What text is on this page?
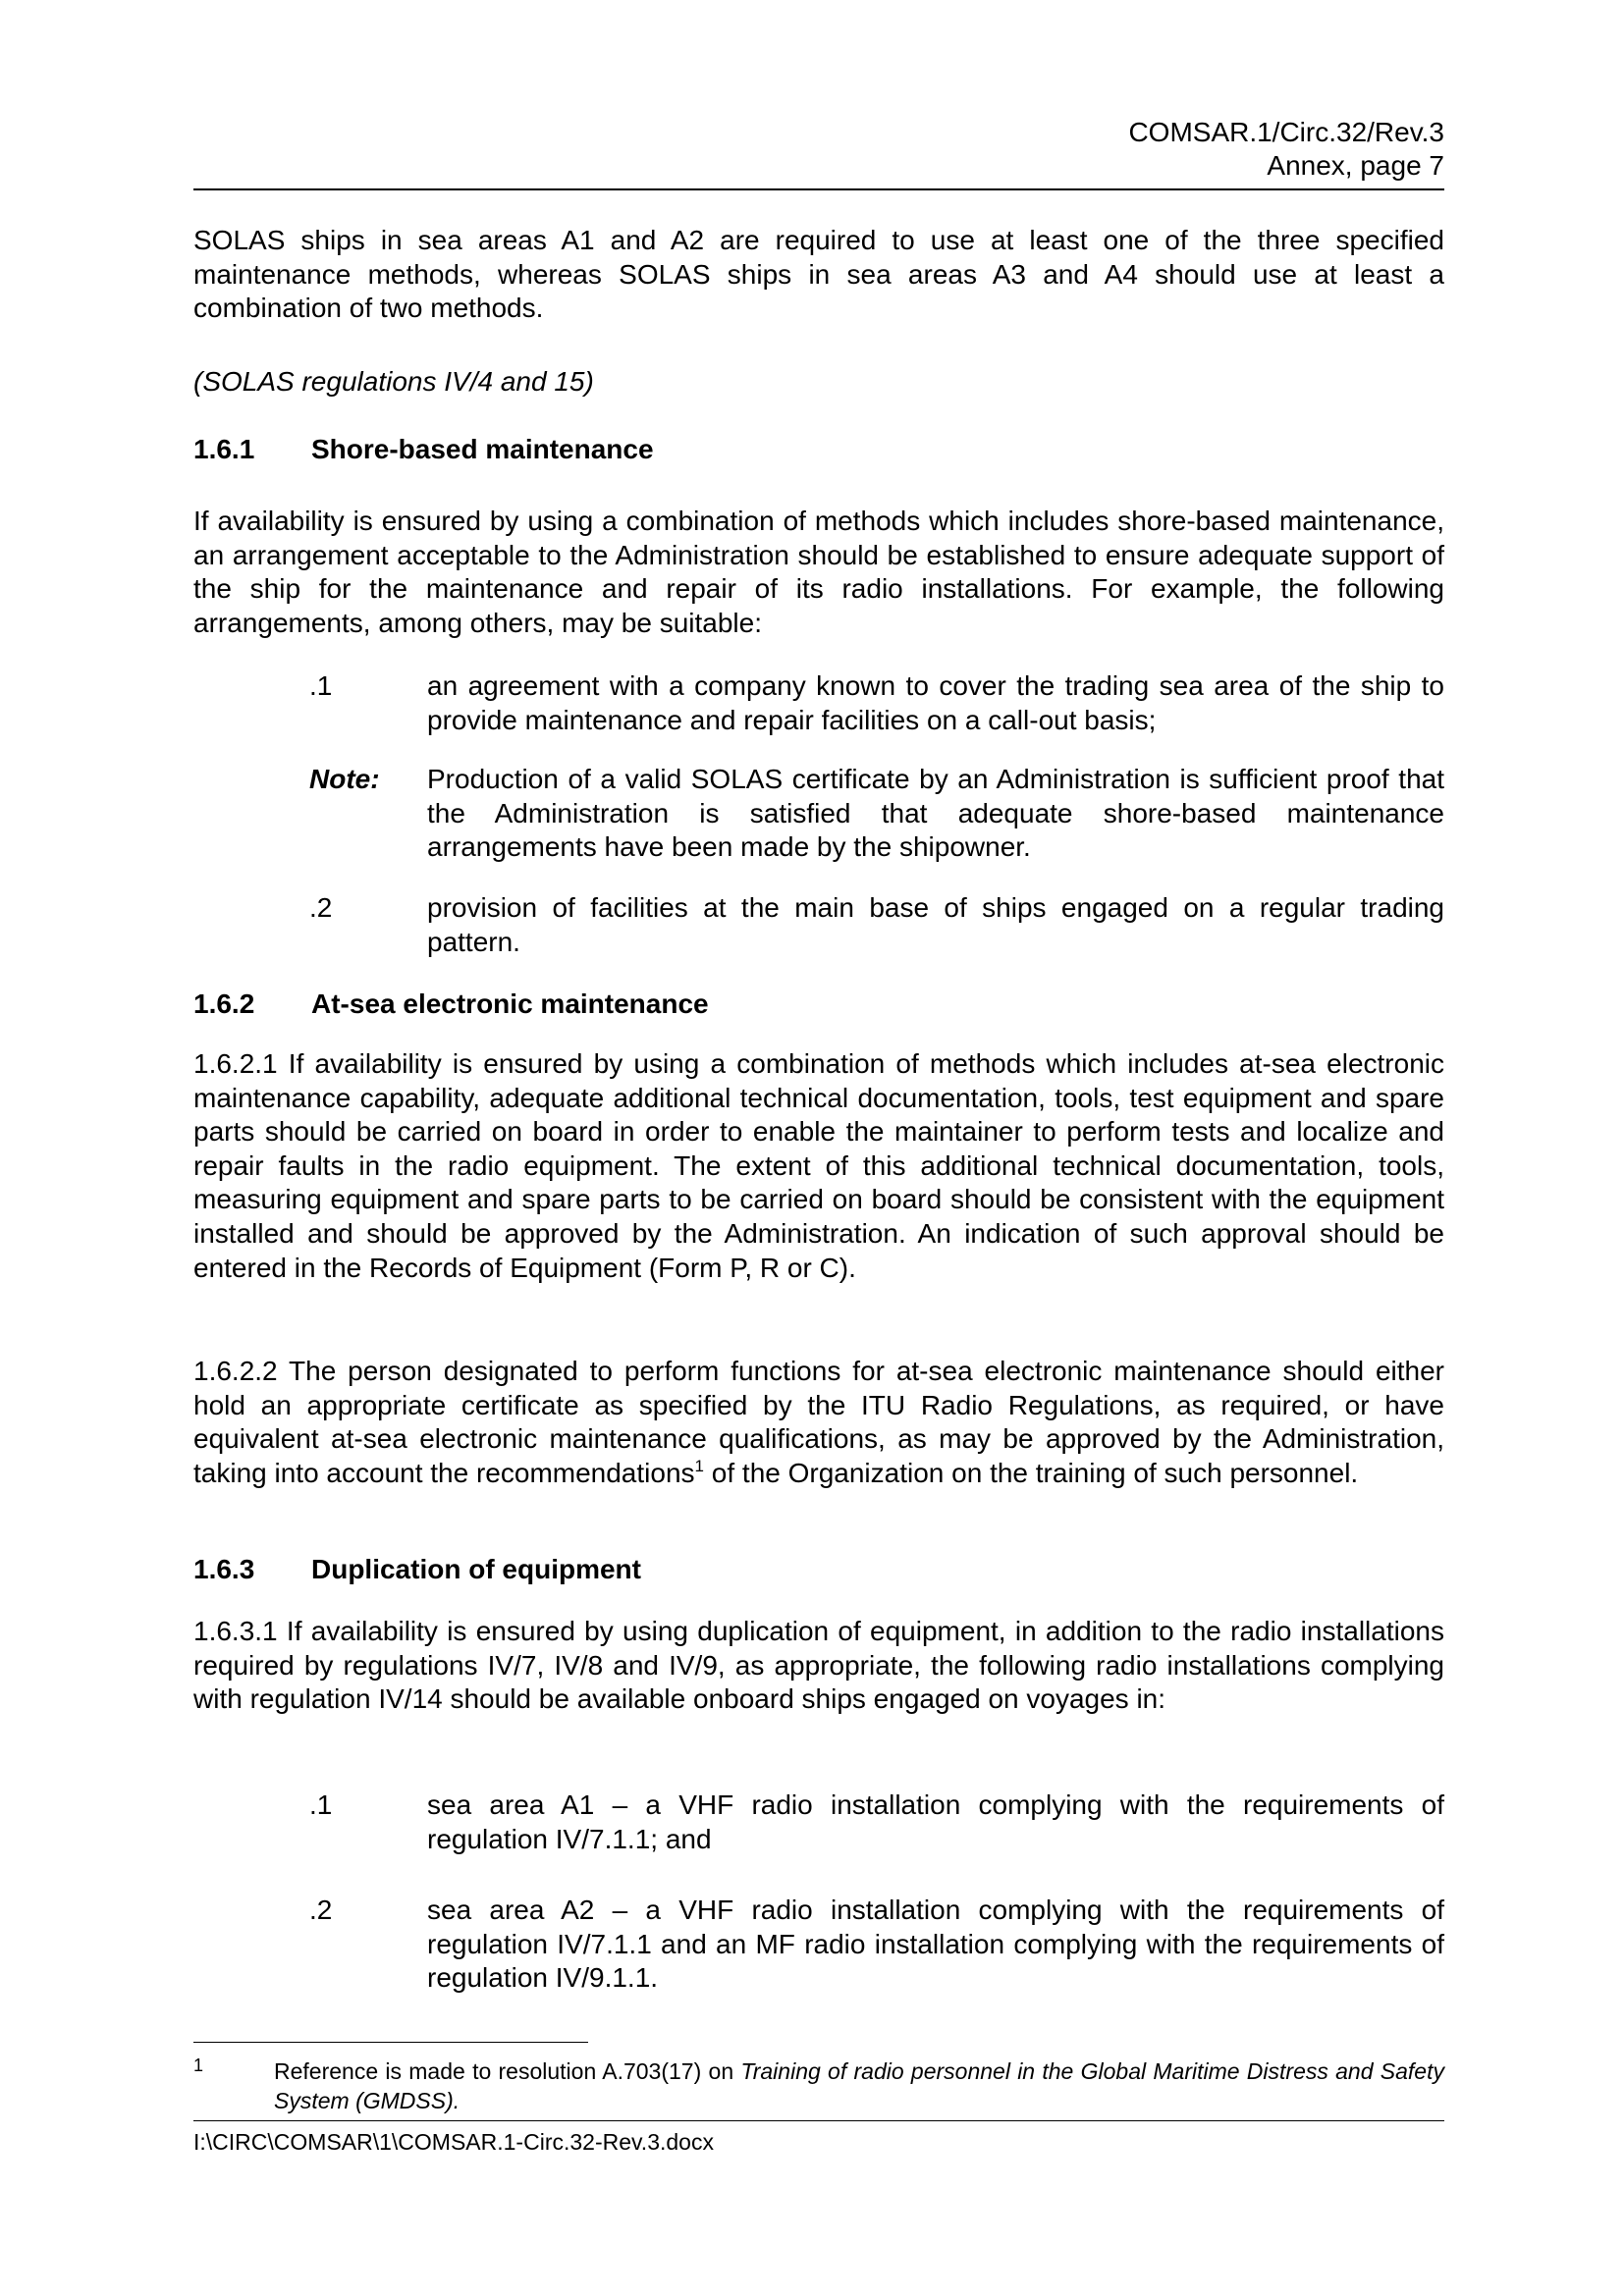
COMSAR.1/Circ.32/Rev.3
Annex, page 7

SOLAS ships in sea areas A1 and A2 are required to use at least one of the three specified maintenance methods, whereas SOLAS ships in sea areas A3 and A4 should use at least a combination of two methods.

(SOLAS regulations IV/4 and 15)

1.6.1 Shore-based maintenance

If availability is ensured by using a combination of methods which includes shore-based maintenance, an arrangement acceptable to the Administration should be established to ensure adequate support of the ship for the maintenance and repair of its radio installations. For example, the following arrangements, among others, may be suitable:

.1	an agreement with a company known to cover the trading sea area of the ship to provide maintenance and repair facilities on a call-out basis;

Note: Production of a valid SOLAS certificate by an Administration is sufficient proof that the Administration is satisfied that adequate shore-based maintenance arrangements have been made by the shipowner.

.2	provision of facilities at the main base of ships engaged on a regular trading pattern.

1.6.2 At-sea electronic maintenance

1.6.2.1 If availability is ensured by using a combination of methods which includes at-sea electronic maintenance capability, adequate additional technical documentation, tools, test equipment and spare parts should be carried on board in order to enable the maintainer to perform tests and localize and repair faults in the radio equipment. The extent of this additional technical documentation, tools, measuring equipment and spare parts to be carried on board should be consistent with the equipment installed and should be approved by the Administration. An indication of such approval should be entered in the Records of Equipment (Form P, R or C).

1.6.2.2 The person designated to perform functions for at-sea electronic maintenance should either hold an appropriate certificate as specified by the ITU Radio Regulations, as required, or have equivalent at-sea electronic maintenance qualifications, as may be approved by the Administration, taking into account the recommendations$^1$ of the Organization on the training of such personnel.

1.6.3 Duplication of equipment

1.6.3.1 If availability is ensured by using duplication of equipment, in addition to the radio installations required by regulations IV/7, IV/8 and IV/9, as appropriate, the following radio installations complying with regulation IV/14 should be available onboard ships engaged on voyages in:

.1	sea area A1 – a VHF radio installation complying with the requirements of regulation IV/7.1.1; and

.2	sea area A2 – a VHF radio installation complying with the requirements of regulation IV/7.1.1 and an MF radio installation complying with the requirements of regulation IV/9.1.1.

1	Reference is made to resolution A.703(17) on Training of radio personnel in the Global Maritime Distress and Safety System (GMDSS).

I:\CIRC\COMSAR\1\COMSAR.1-Circ.32-Rev.3.docx
